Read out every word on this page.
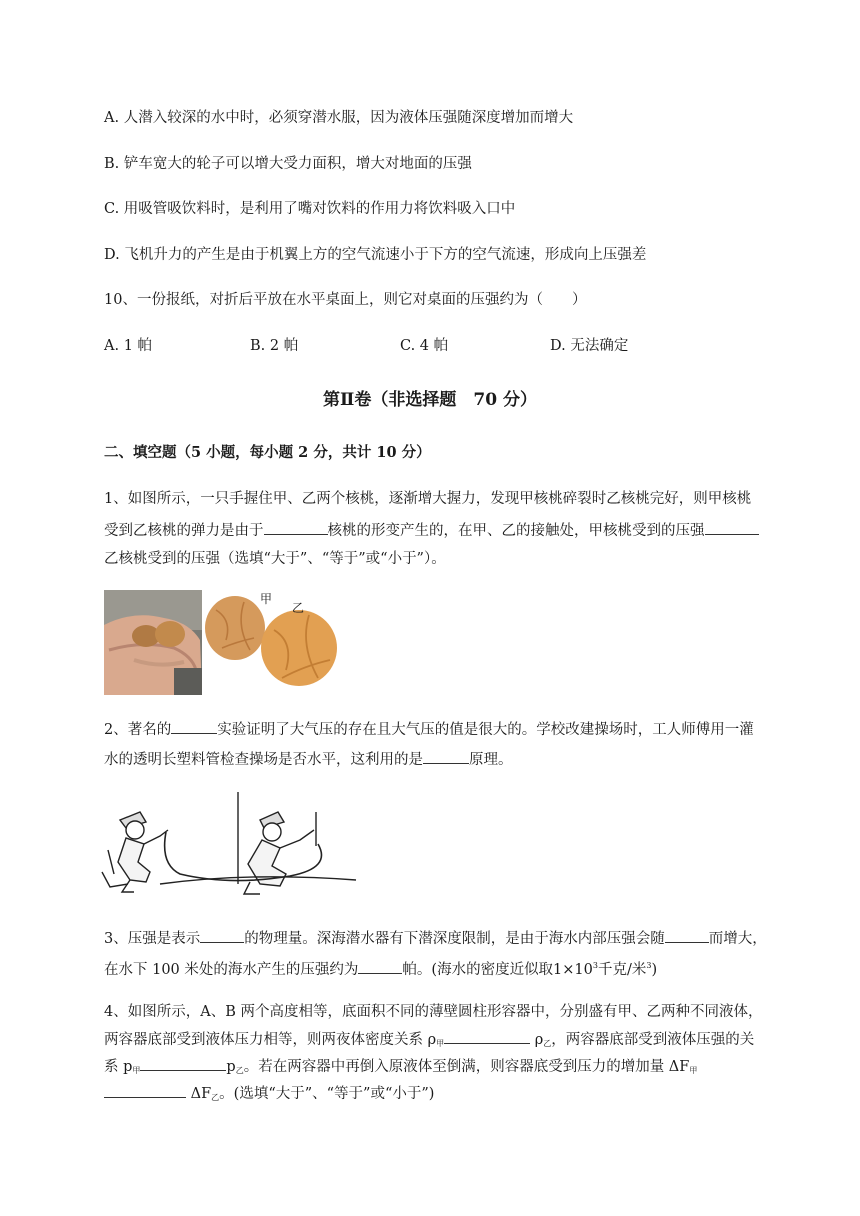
A. 人潜入较深的水中时，必须穿潜水服，因为液体压强随深度增加而增大
B. 铲车宽大的轮子可以增大受力面积，增大对地面的压强
C. 用吸管吸饮料时，是利用了嘴对饮料的作用力将饮料吸入口中
D. 飞机升力的产生是由于机翼上方的空气流速小于下方的空气流速，形成向上压强差
10、一份报纸，对折后平放在水平桌面上，则它对桌面的压强约为（　　）
A. 1 帕	B. 2 帕	C. 4 帕	D. 无法确定
第Ⅱ卷（非选择题　70 分）
二、填空题（5 小题，每小题 2 分，共计 10 分）
1、如图所示，一只手握住甲、乙两个核桃，逐渐增大握力，发现甲核桃碎裂时乙核桃完好，则甲核桃
受到乙核桃的弹力是由于	核桃的形变产生的，在甲、乙的接触处，甲核桃受到的压强
乙核桃受到的压强（选填“大于”、“等于”或“小于”）。
甲
乙
2、著名的	实验证明了大气压的存在且大气压的值是很大的。学校改建操场时，工人师傅用一灌
水的透明长塑料管检查操场是否水平，这利用的是	原理。
3、压强是表示	的物理量。深海潜水器有下潜深度限制，是由于海水内部压强会随	而增大，
在水下 100 米处的海水产生的压强约为	帕。(海水的密度近似取$1\times 10^3$千克/米$^3$)
4、如图所示，A、B 两个高度相等，底面积不同的薄壁圆柱形容器中，分别盛有甲、乙两种不同液体，
两容器底部受到液体压力相等，则两夜体密度关系 $\rho_甲$	$\rho_乙$，两容器底部受到液体压强的关
系 $p_甲$	$p_乙$。若在两容器中再倒入原液体至倒满，则容器底受到压力的增加量 $\Delta F_甲$
$\Delta F_乙$。(选填“大于”、“等于”或“小于”)
